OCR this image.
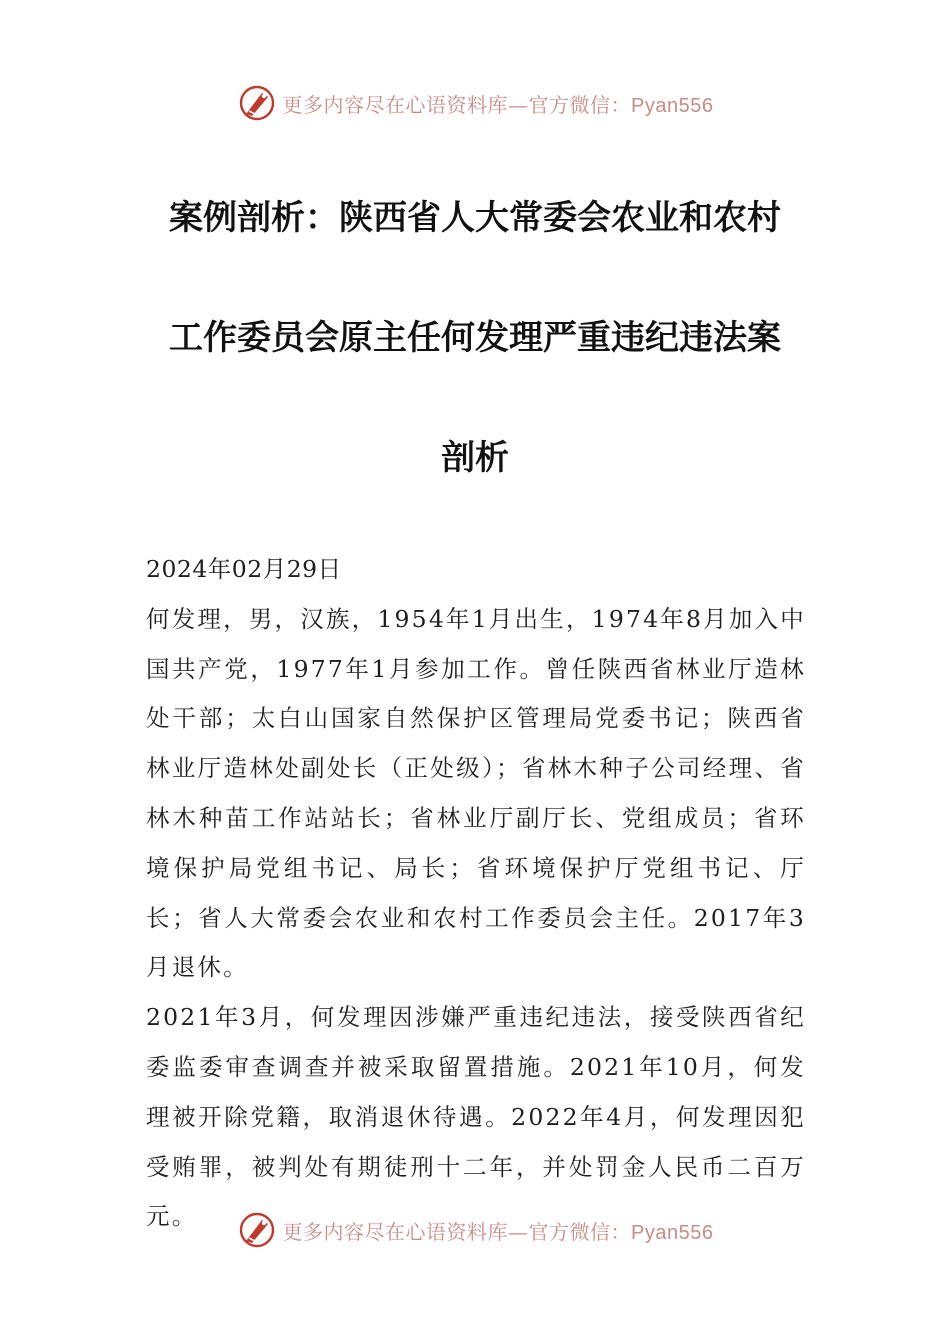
更多内容尽在心语资料库—官方微信：Pyan556
案例剖析：陕西省人大常委会农业和农村
工作委员会原主任何发理严重违纪违法案
剖析

2024年02月29日

何发理，男，汉族，1954年1月出生，1974年8月加入中国共产党，1977年1月参加工作。曾任陕西省林业厅造林处干部；太白山国家自然保护区管理局党委书记；陕西省林业厅造林处副处长（正处级）；省林木种子公司经理、省林木种苗工作站站长；省林业厅副厅长、党组成员；省环境保护局党组书记、局长；省环境保护厅党组书记、厅长；省人大常委会农业和农村工作委员会主任。2017年3月退休。

2021年3月，何发理因涉嫌严重违纪违法，接受陕西省纪委监委审查调查并被采取留置措施。2021年10月，何发理被开除党籍，取消退休待遇。2022年4月，何发理因犯受贿罪，被判处有期徒刑十二年，并处罚金人民币二百万元。

更多内容尽在心语资料库—官方微信：Pyan556
